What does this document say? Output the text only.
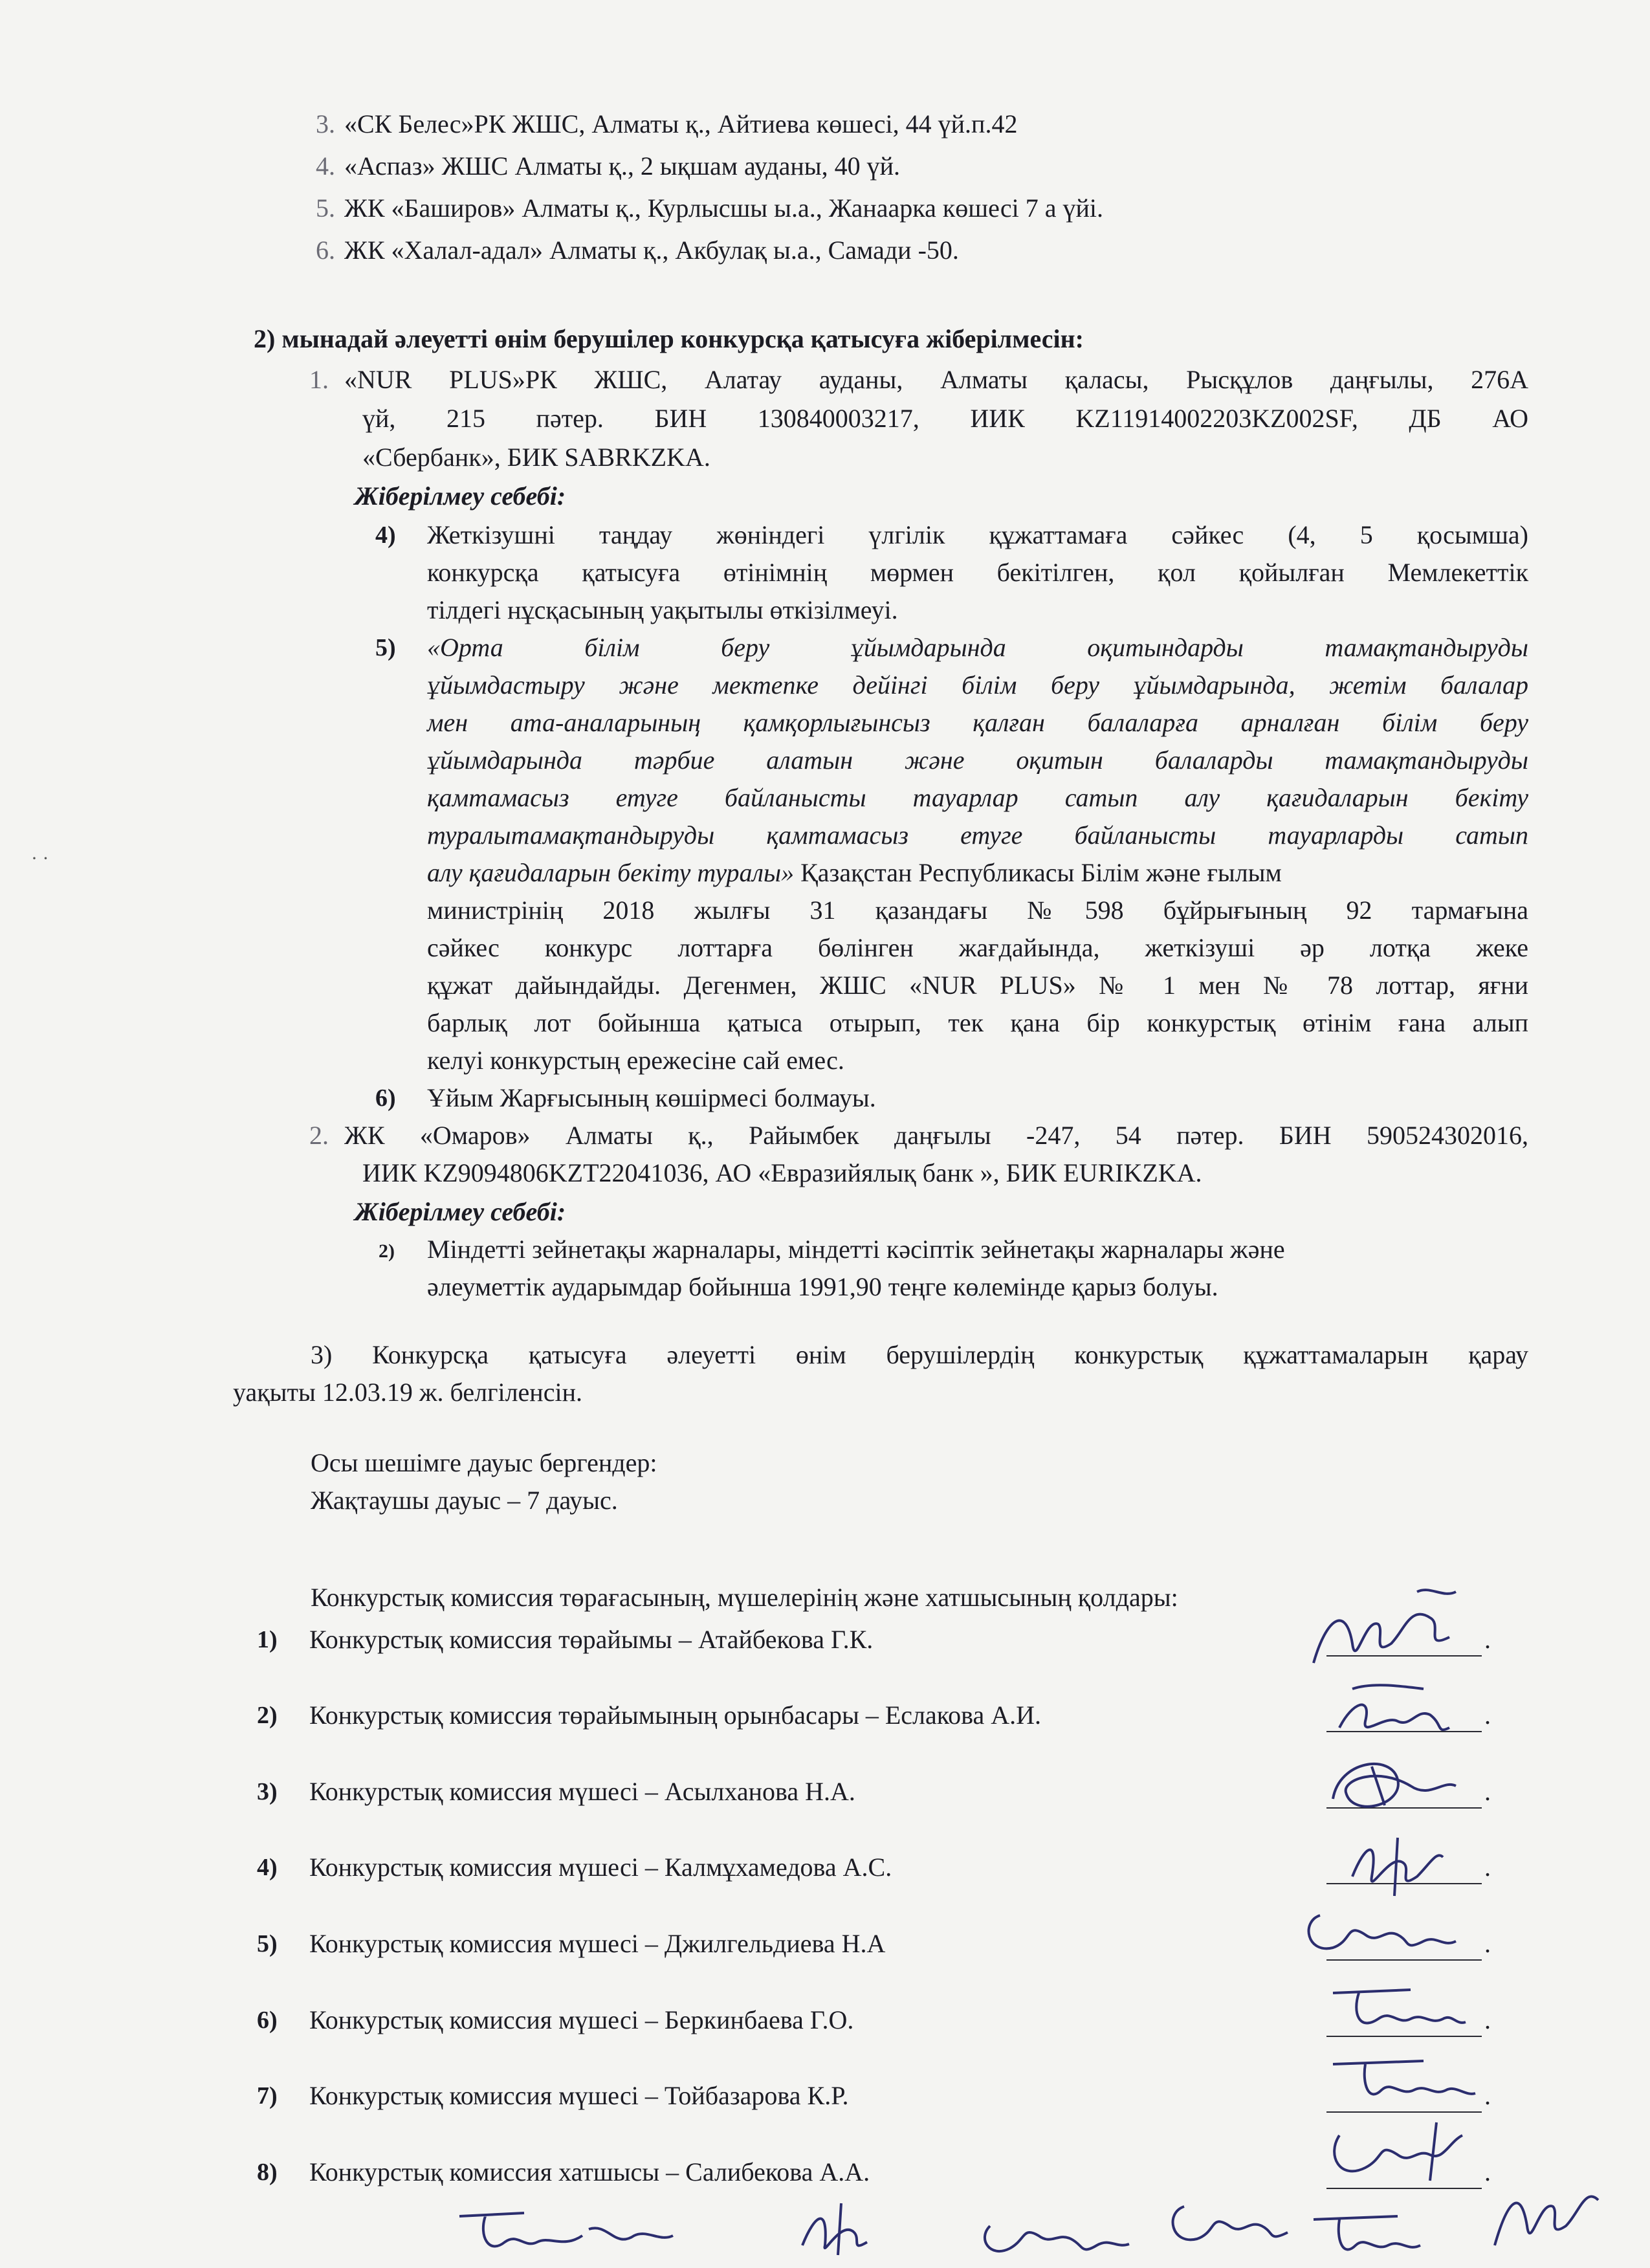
3. «СК Белес»РК ЖШС, Алматы қ., Айтиева көшесі, 44 үй.п.42
4. «Аспаз» ЖШС Алматы қ., 2 ықшам ауданы, 40 үй.
5. ЖК «Баширов» Алматы қ., Курлысшы ы.а., Жанаарка көшесі 7 а үйі.
6. ЖК «Халал-адал» Алматы қ., Акбулақ ы.а., Самади -50.
2) мынадай әлеуетті өнім берушілер конкурсқа қатысуға жіберілмесін:
1. «NUR PLUS»РК ЖШС, Алатау ауданы, Алматы қаласы, Рысқұлов даңғылы, 276А
үй, 215 пәтер. БИН 130840003217, ИИК KZ11914002203KZ002SF, ДБ АО
«Сбербанк», БИК SABRKZKA.
Жіберілмеу себебі:
4) Жеткізушні таңдау жөніндегі үлгілік құжаттамаға сәйкес (4, 5 қосымша)
конкурсқа қатысуға өтінімнің мөрмен бекітілген, қол қойылған Мемлекеттік
тілдегі нұсқасының уақытылы өткізілмеуі.
5) «Орта білім беру ұйымдарында оқитындарды тамақтандыруды
ұйымдастыру және мектепке дейінгі білім беру ұйымдарында, жетім балалар
мен ата-аналарының қамқорлығынсыз қалған балаларға арналған білім беру
ұйымдарында тәрбие алатын және оқитын балаларды тамақтандыруды
қамтамасыз етуге байланысты тауарлар сатып алу қағидаларын бекіту
туралытамақтандыруды қамтамасыз етуге байланысты тауарларды сатып
алу қағидаларын бекіту туралы» Қазақстан Республикасы Білім және ғылым
министрінің 2018 жылғы 31 қазандағы №598 бұйрығының 92 тармағына
сәйкес конкурс лоттарға бөлінген жағдайында, жеткізуші әр лотқа жеке
құжат дайындайды. Дегенмен, ЖШС «NUR PLUS» № 1 мен № 78 лоттар, яғни
барлық лот бойынша қатыса отырып, тек қана бір конкурстық өтінім ғана алып
келуі конкурстың ережесіне сай емес.
6) Ұйым Жарғысының көшірмесі болмауы.
2. ЖК «Омаров» Алматы қ., Райымбек даңғылы -247, 54 пәтер. БИН 590524302016,
ИИК KZ9094806KZT22041036, АО «Евразийялық банк », БИК EURIKZKA.
Жіберілмеу себебі:
2) Міндетті зейнетақы жарналары, міндетті кәсіптік зейнетақы жарналары және
әлеуметтік аударымдар бойынша 1991,90 теңге көлемінде қарыз болуы.
3) Конкурсқа қатысуға әлеуетті өнім берушілердің конкурстық құжаттамаларын қарау
уақыты 12.03.19 ж. белгіленсін.
Осы шешімге дауыс бергендер:
Жақтаушы дауыс – 7 дауыс.
Конкурстық комиссия төрағасының, мүшелерінің және хатшысының қолдары:
1) Конкурстық комиссия төрайымы – Атайбекова Г.К.	.
2) Конкурстық комиссия төрайымының орынбасары – Еслакова А.И.	.
3) Конкурстық комиссия мүшесі – Асылханова Н.А.	.
4) Конкурстық комиссия мүшесі – Калмұхамедова А.С.	.
5) Конкурстық комиссия мүшесі – Джилгельдиева Н.А	.
6) Конкурстық комиссия мүшесі – Беркинбаева Г.О.	.
7) Конкурстық комиссия мүшесі – Тойбазарова К.Р.	.
8) Конкурстық комиссия хатшысы – Салибекова А.А.	.
· ·
